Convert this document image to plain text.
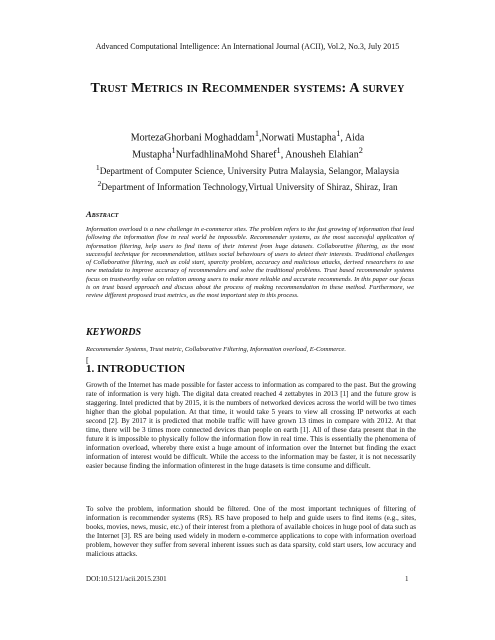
Advanced Computational Intelligence: An International Journal (ACII), Vol.2, No.3, July 2015
Trust Metrics in Recommender systems: A survey
MortezaGhorbani Moghaddam$^1$,Norwati Mustapha$^1$, Aida Mustapha$^1$NurfadhlinaMohd Sharef$^1$, Anousheh Elahian$^2$
$^1$Department of Computer Science, University Putra Malaysia, Selangor, Malaysia
$^2$Department of Information Technology,Virtual University of Shiraz, Shiraz, Iran
Abstract
Information overload is a new challenge in e-commerce sites. The problem refers to the fast growing of information that lead following the information flow in real world be impossible. Recommender systems, as the most successful application of information filtering, help users to find items of their interest from huge datasets. Collaborative filtering, as the most successful technique for recommendation, utilises social behaviours of users to detect their interests. Traditional challenges of Collaborative filtering, such as cold start, sparcity problem, accuracy and malicious attacks, derived researchers to use new metadata to improve accuracy of recommenders and solve the traditional problems. Trust based recommender systems focus on trustworthy value on relation among users to make more reliable and accurate recommends. In this paper our focus is on trust based approach and discuss about the process of making recommendation in these method. Furthermore, we review different proposed trust metrics, as the most important step in this process.
KEYWORDS
Recommender Systems, Trust metric, Collaborative Filtering, Information overload, E-Commerce.
[
1. INTRODUCTION
Growth of the Internet has made possible for faster access to information as compared to the past. But the growing rate of information is very high. The digital data created reached 4 zettabytes in 2013 [1] and the future grow is staggering. Intel predicted that by 2015, it is the numbers of networked devices across the world will be two times higher than the global population. At that time, it would take 5 years to view all crossing IP networks at each second [2]. By 2017 it is predicted that mobile traffic will have grown 13 times in compare with 2012. At that time, there will be 3 times more connected devices than people on earth [1]. All of these data present that in the future it is impossible to physically follow the information flow in real time. This is essentially the phenomena of information overload, whereby there exist a huge amount of information over the Internet but finding the exact information of interest would be difficult. While the access to the information may be faster, it is not necessarily easier because finding the information ofinterest in the huge datasets is time consume and difficult.
To solve the problem, information should be filtered. One of the most important techniques of filtering of information is recommender systems (RS). RS have proposed to help and guide users to find items (e.g., sites, books, movies, news, music, etc.) of their interest from a plethora of available choices in huge pool of data such as the Internet [3]. RS are being used widely in modern e-commerce applications to cope with information overload problem, however they suffer from several inherent issues such as data sparsity, cold start users, low accuracy and malicious attacks.
DOI:10.5121/acii.2015.2301	1
